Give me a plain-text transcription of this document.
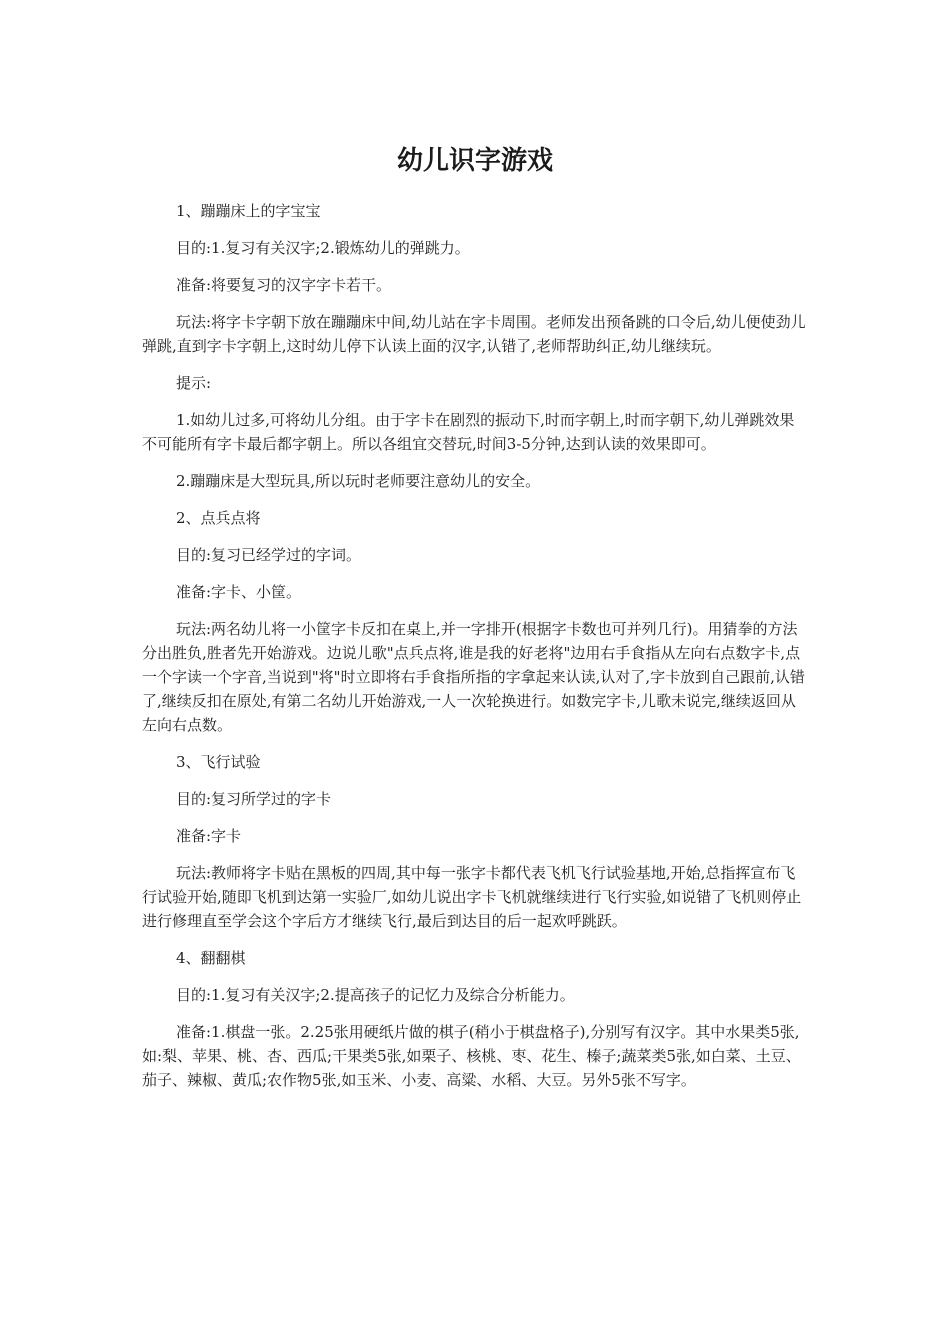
幼儿识字游戏

1、蹦蹦床上的字宝宝

目的:1.复习有关汉字;2.锻炼幼儿的弹跳力。

准备:将要复习的汉字字卡若干。

玩法:将字卡字朝下放在蹦蹦床中间,幼儿站在字卡周围。老师发出预备跳的口令后,幼儿便使劲儿弹跳,直到字卡字朝上,这时幼儿停下认读上面的汉字,认错了,老师帮助纠正,幼儿继续玩。

提示:

1.如幼儿过多,可将幼儿分组。由于字卡在剧烈的振动下,时而字朝上,时而字朝下,幼儿弹跳效果不可能所有字卡最后都字朝上。所以各组宜交替玩,时间3-5分钟,达到认读的效果即可。

2.蹦蹦床是大型玩具,所以玩时老师要注意幼儿的安全。

2、点兵点将

目的:复习已经学过的字词。

准备:字卡、小筐。

玩法:两名幼儿将一小筐字卡反扣在桌上,并一字排开(根据字卡数也可并列几行)。用猜拳的方法分出胜负,胜者先开始游戏。边说儿歌"点兵点将,谁是我的好老将"边用右手食指从左向右点数字卡,点一个字读一个字音,当说到"将"时立即将右手食指所指的字拿起来认读,认对了,字卡放到自己跟前,认错了,继续反扣在原处,有第二名幼儿开始游戏,一人一次轮换进行。如数完字卡,儿歌未说完,继续返回从左向右点数。

3、飞行试验

目的:复习所学过的字卡

准备:字卡

玩法:教师将字卡贴在黑板的四周,其中每一张字卡都代表飞机飞行试验基地,开始,总指挥宣布飞行试验开始,随即飞机到达第一实验厂,如幼儿说出字卡飞机就继续进行飞行实验,如说错了飞机则停止进行修理直至学会这个字后方才继续飞行,最后到达目的后一起欢呼跳跃。

4、翻翻棋

目的:1.复习有关汉字;2.提高孩子的记忆力及综合分析能力。

准备:1.棋盘一张。2.25张用硬纸片做的棋子(稍小于棋盘格子),分别写有汉字。其中水果类5张,如:梨、苹果、桃、杏、西瓜;干果类5张,如栗子、核桃、枣、花生、榛子;蔬菜类5张,如白菜、土豆、茄子、辣椒、黄瓜;农作物5张,如玉米、小麦、高粱、水稻、大豆。另外5张不写字。
